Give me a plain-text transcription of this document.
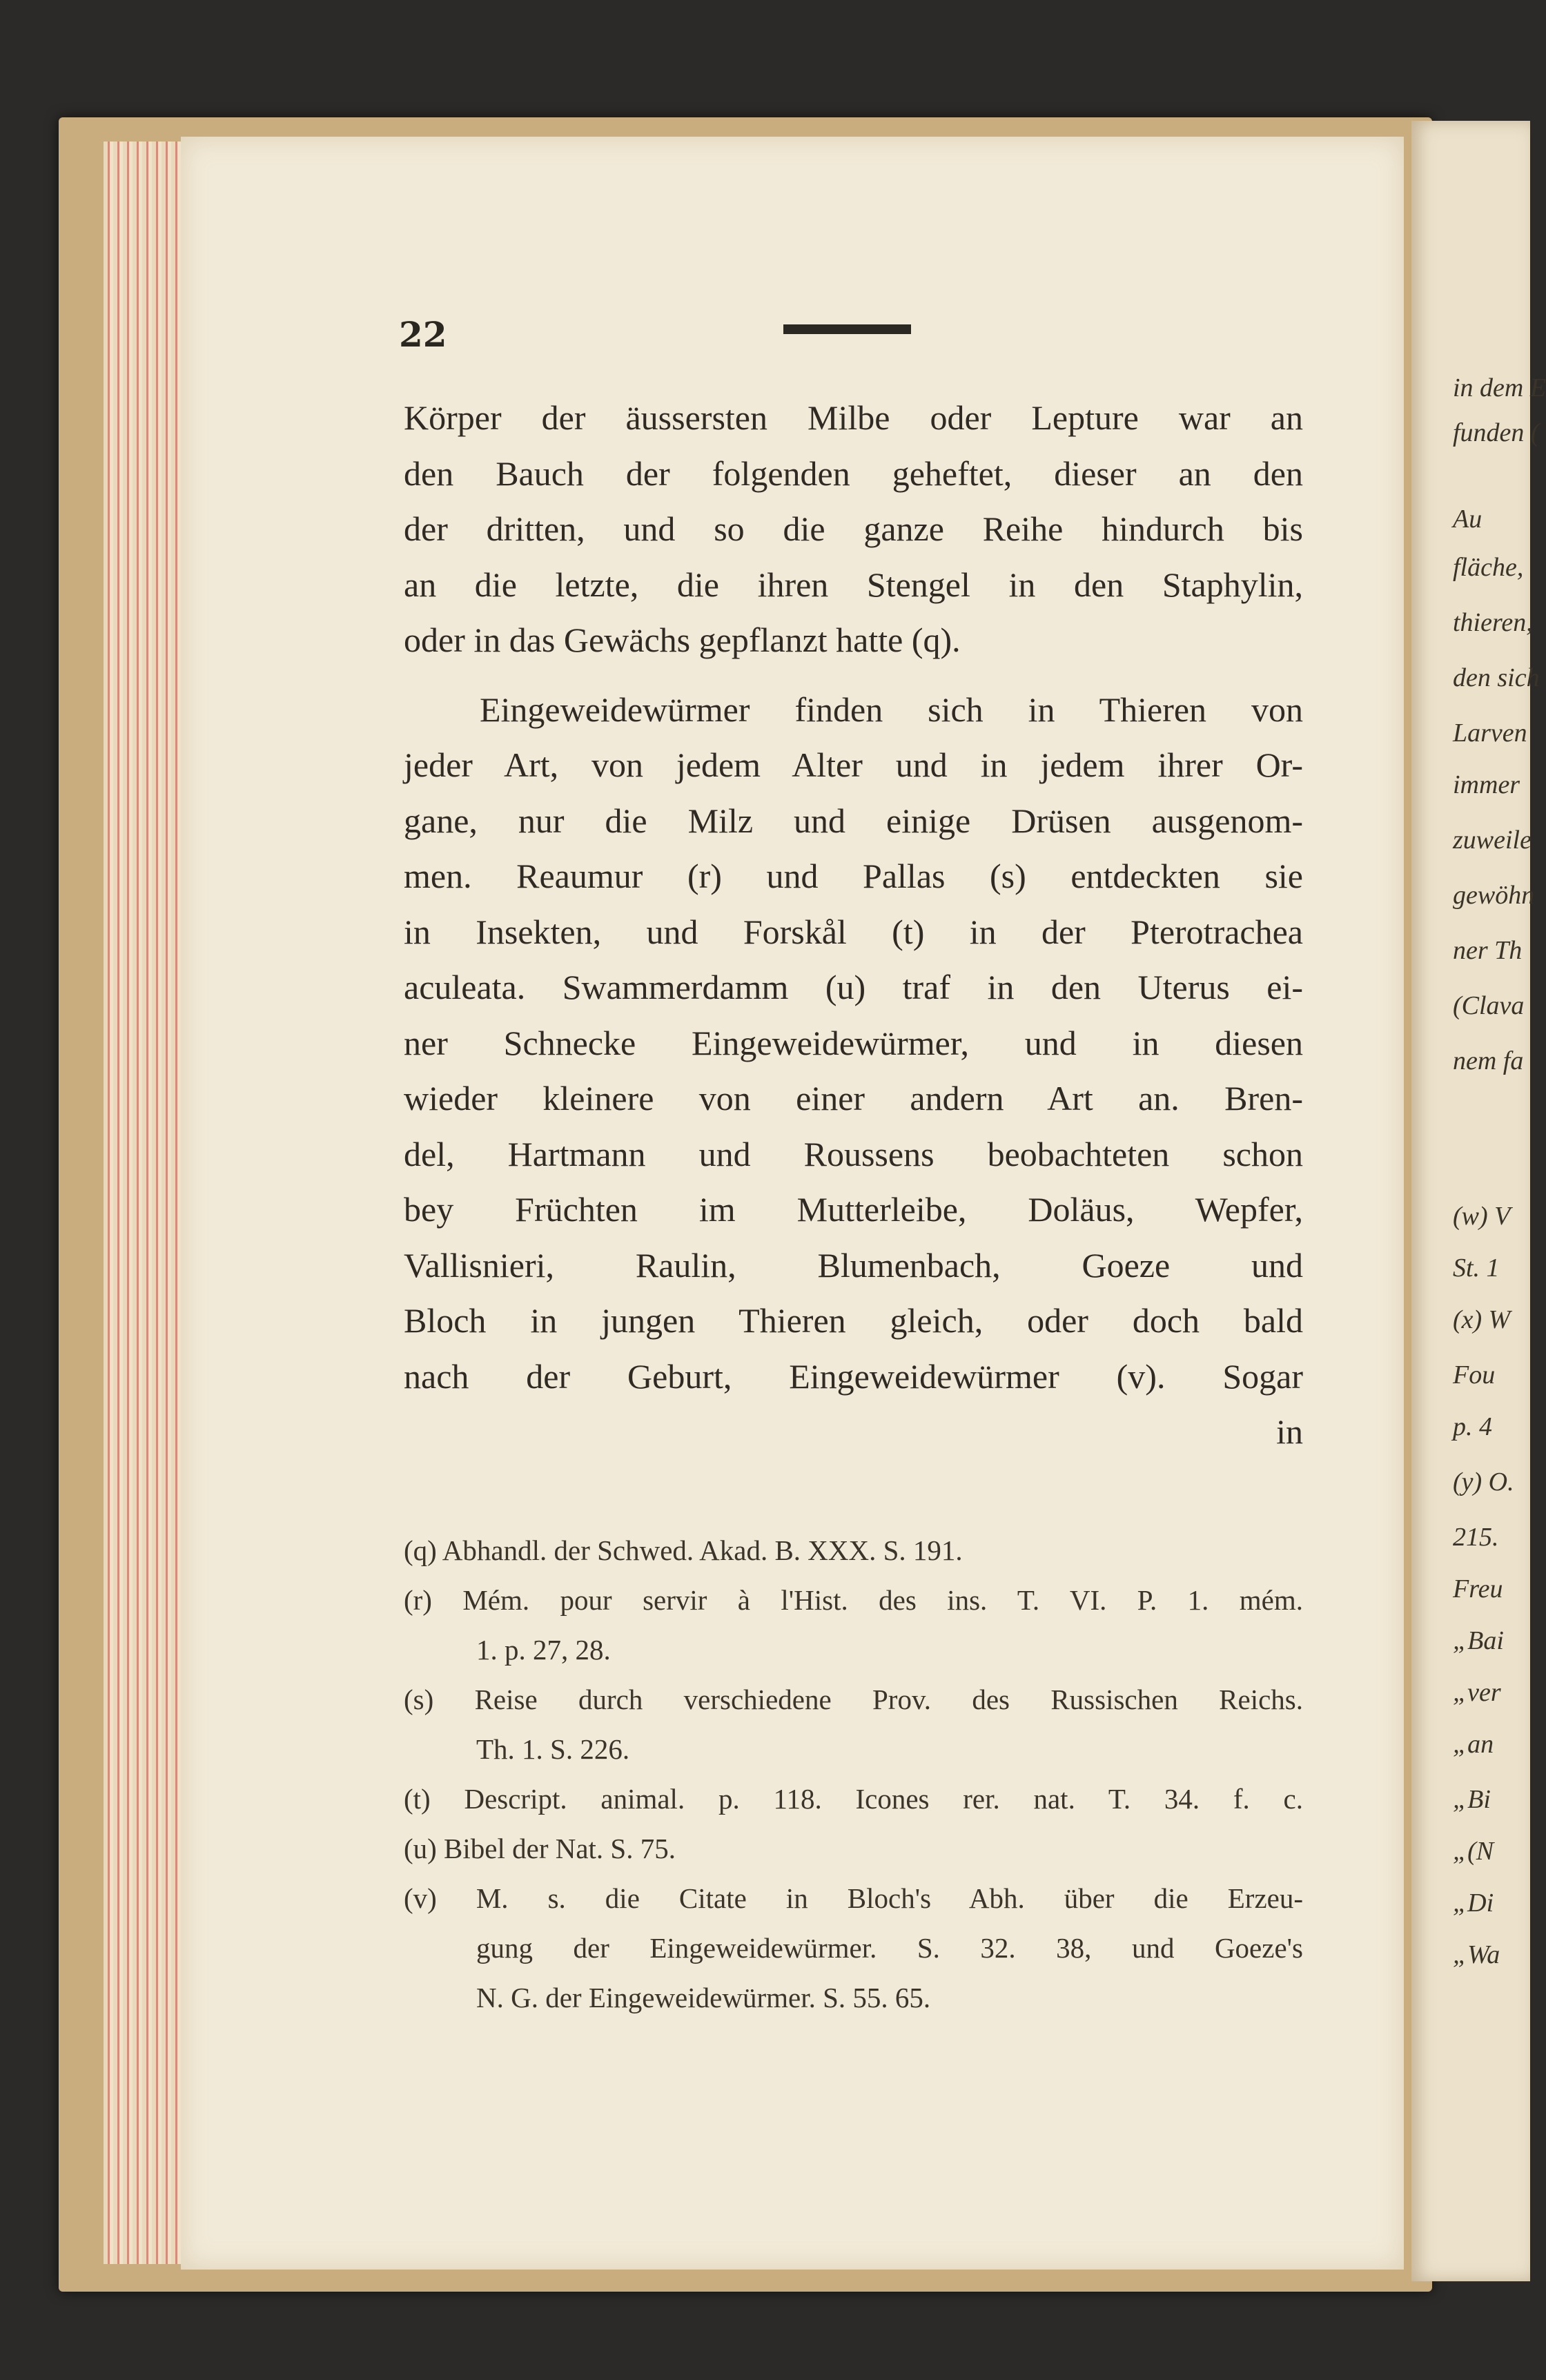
in dem E
funden (
Au
fläche,
thieren,
den sich
Larven
immer
zuweile
gewöhn
ner Th
(Clava
nem fa
(w) V
St. 1
(x) W
Fou
p. 4
(y) O.
215.
Freu
„Bai
„ver
„an
„Bi
„(N
„Di
„Wa
22
Körper der äussersten Milbe oder Lepture war an
den Bauch der folgenden geheftet, dieser an den
der dritten, und so die ganze Reihe hindurch bis
an die letzte, die ihren Stengel in den Staphylin,
oder in das Gewächs gepflanzt hatte (q).
Eingeweidewürmer finden sich in Thieren von
jeder Art, von jedem Alter und in jedem ihrer Or-
gane, nur die Milz und einige Drüsen ausgenom-
men. Reaumur (r) und Pallas (s) entdeckten sie
in Insekten, und Forskål (t) in der Pterotrachea
aculeata. Swammerdamm (u) traf in den Uterus ei-
ner Schnecke Eingeweidewürmer, und in diesen
wieder kleinere von einer andern Art an. Bren-
del, Hartmann und Roussens beobachteten schon
bey Früchten im Mutterleibe, Doläus, Wepfer,
Vallisnieri, Raulin, Blumenbach, Goeze und
Bloch in jungen Thieren gleich, oder doch bald
nach der Geburt, Eingeweidewürmer (v). Sogar
in
(q) Abhandl. der Schwed. Akad. B. XXX. S. 191.
(r) Mém. pour servir à l'Hist. des ins. T. VI. P. 1. mém.
1. p. 27, 28.
(s) Reise durch verschiedene Prov. des Russischen Reichs.
Th. 1. S. 226.
(t) Descript. animal. p. 118. Icones rer. nat. T. 34. f. c.
(u) Bibel der Nat. S. 75.
(v) M. s. die Citate in Bloch's Abh. über die Erzeu-
gung der Eingeweidewürmer. S. 32. 38, und Goeze's
N. G. der Eingeweidewürmer. S. 55. 65.
